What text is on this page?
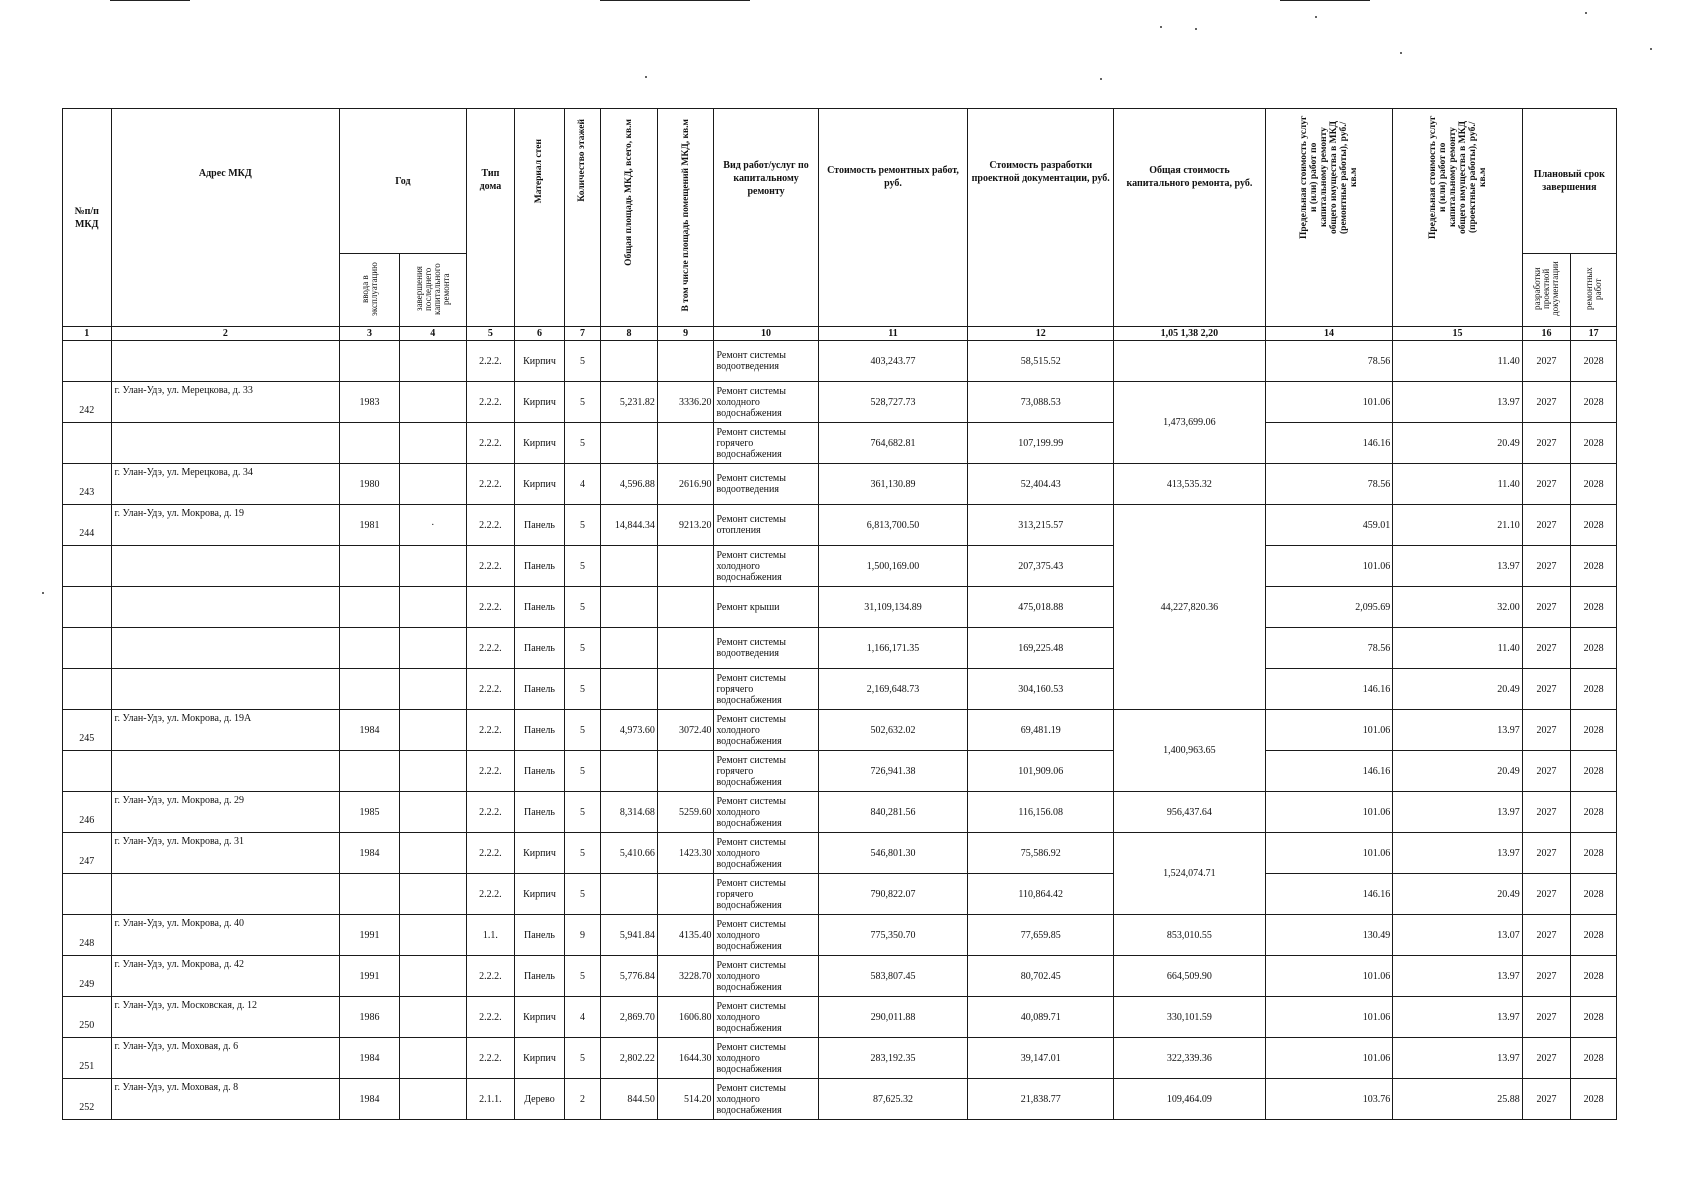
№п/п МКД	Адрес МКД	Год		Тип дома	Материал стен	Количество этажей	Общая площадь МКД, всего, кв.м	В том числе площадь помещений МКД, кв.м	Вид работ/услуг по капитальному ремонту	Стоимость ремонтных работ, руб.	Стоимость разработки проектной документации, руб.	Общая стоимость капитального ремонта, руб.	Предельная стоимость услуг и (или) работ по капитальному ремонту общего имущества в МКД (ремонтные работы), руб./кв.м	Предельная стоимость услуг и (или) работ по капитальному ремонту общего имущества в МКД (проектные работы), руб./кв.м	Плановый срок завершения	
		ввода в эксплуатацию	завершения последнего капитального ремонта												разработки проектной документации	ремонтных работ
1	2	3	4	5	6	7	8	9	10	11	12	1,05 1,38 2,20	14	15	16	17
				2.2.2.	Кирпич	5			Ремонт системы водоотведения	403,243.77	58,515.52		78.56	11.40	2027	2028
242	г. Улан-Удэ, ул. Мерецкова, д. 33	1983		2.2.2.	Кирпич	5	5,231.82	3336.20	Ремонт системы холодного водоснабжения	528,727.73	73,088.53	1,473,699.06	101.06	13.97	2027	2028
				2.2.2.	Кирпич	5			Ремонт системы горячего водоснабжения	764,682.81	107,199.99		146.16	20.49	2027	2028
243	г. Улан-Удэ, ул. Мерецкова, д. 34	1980		2.2.2.	Кирпич	4	4,596.88	2616.90	Ремонт системы водоотведения	361,130.89	52,404.43	413,535.32	78.56	11.40	2027	2028
244	г. Улан-Удэ, ул. Мокрова, д. 19	1981	·	2.2.2.	Панель	5	14,844.34	9213.20	Ремонт системы отопления	6,813,700.50	313,215.57	44,227,820.36	459.01	21.10	2027	2028
				2.2.2.	Панель	5			Ремонт системы холодного водоснабжения	1,500,169.00	207,375.43		101.06	13.97	2027	2028
				2.2.2.	Панель	5			Ремонт крыши	31,109,134.89	475,018.88		2,095.69	32.00	2027	2028
				2.2.2.	Панель	5			Ремонт системы водоотведения	1,166,171.35	169,225.48		78.56	11.40	2027	2028
				2.2.2.	Панель	5			Ремонт системы горячего водоснабжения	2,169,648.73	304,160.53		146.16	20.49	2027	2028
245	г. Улан-Удэ, ул. Мокрова, д. 19А	1984		2.2.2.	Панель	5	4,973.60	3072.40	Ремонт системы холодного водоснабжения	502,632.02	69,481.19	1,400,963.65	101.06	13.97	2027	2028
				2.2.2.	Панель	5			Ремонт системы горячего водоснабжения	726,941.38	101,909.06		146.16	20.49	2027	2028
246	г. Улан-Удэ, ул. Мокрова, д. 29	1985		2.2.2.	Панель	5	8,314.68	5259.60	Ремонт системы холодного водоснабжения	840,281.56	116,156.08	956,437.64	101.06	13.97	2027	2028
247	г. Улан-Удэ, ул. Мокрова, д. 31	1984		2.2.2.	Кирпич	5	5,410.66	1423.30	Ремонт системы холодного водоснабжения	546,801.30	75,586.92	1,524,074.71	101.06	13.97	2027	2028
				2.2.2.	Кирпич	5			Ремонт системы горячего водоснабжения	790,822.07	110,864.42		146.16	20.49	2027	2028
248	г. Улан-Удэ, ул. Мокрова, д. 40	1991		1.1.	Панель	9	5,941.84	4135.40	Ремонт системы холодного водоснабжения	775,350.70	77,659.85	853,010.55	130.49	13.07	2027	2028
249	г. Улан-Удэ, ул. Мокрова, д. 42	1991		2.2.2.	Панель	5	5,776.84	3228.70	Ремонт системы холодного водоснабжения	583,807.45	80,702.45	664,509.90	101.06	13.97	2027	2028
250	г. Улан-Удэ, ул. Московская, д. 12	1986		2.2.2.	Кирпич	4	2,869.70	1606.80	Ремонт системы холодного водоснабжения	290,011.88	40,089.71	330,101.59	101.06	13.97	2027	2028
251	г. Улан-Удэ, ул. Моховая, д. 6	1984		2.2.2.	Кирпич	5	2,802.22	1644.30	Ремонт системы холодного водоснабжения	283,192.35	39,147.01	322,339.36	101.06	13.97	2027	2028
252	г. Улан-Удэ, ул. Моховая, д. 8	1984		2.1.1.	Дерево	2	844.50	514.20	Ремонт системы холодного водоснабжения	87,625.32	21,838.77	109,464.09	103.76	25.88	2027	2028
